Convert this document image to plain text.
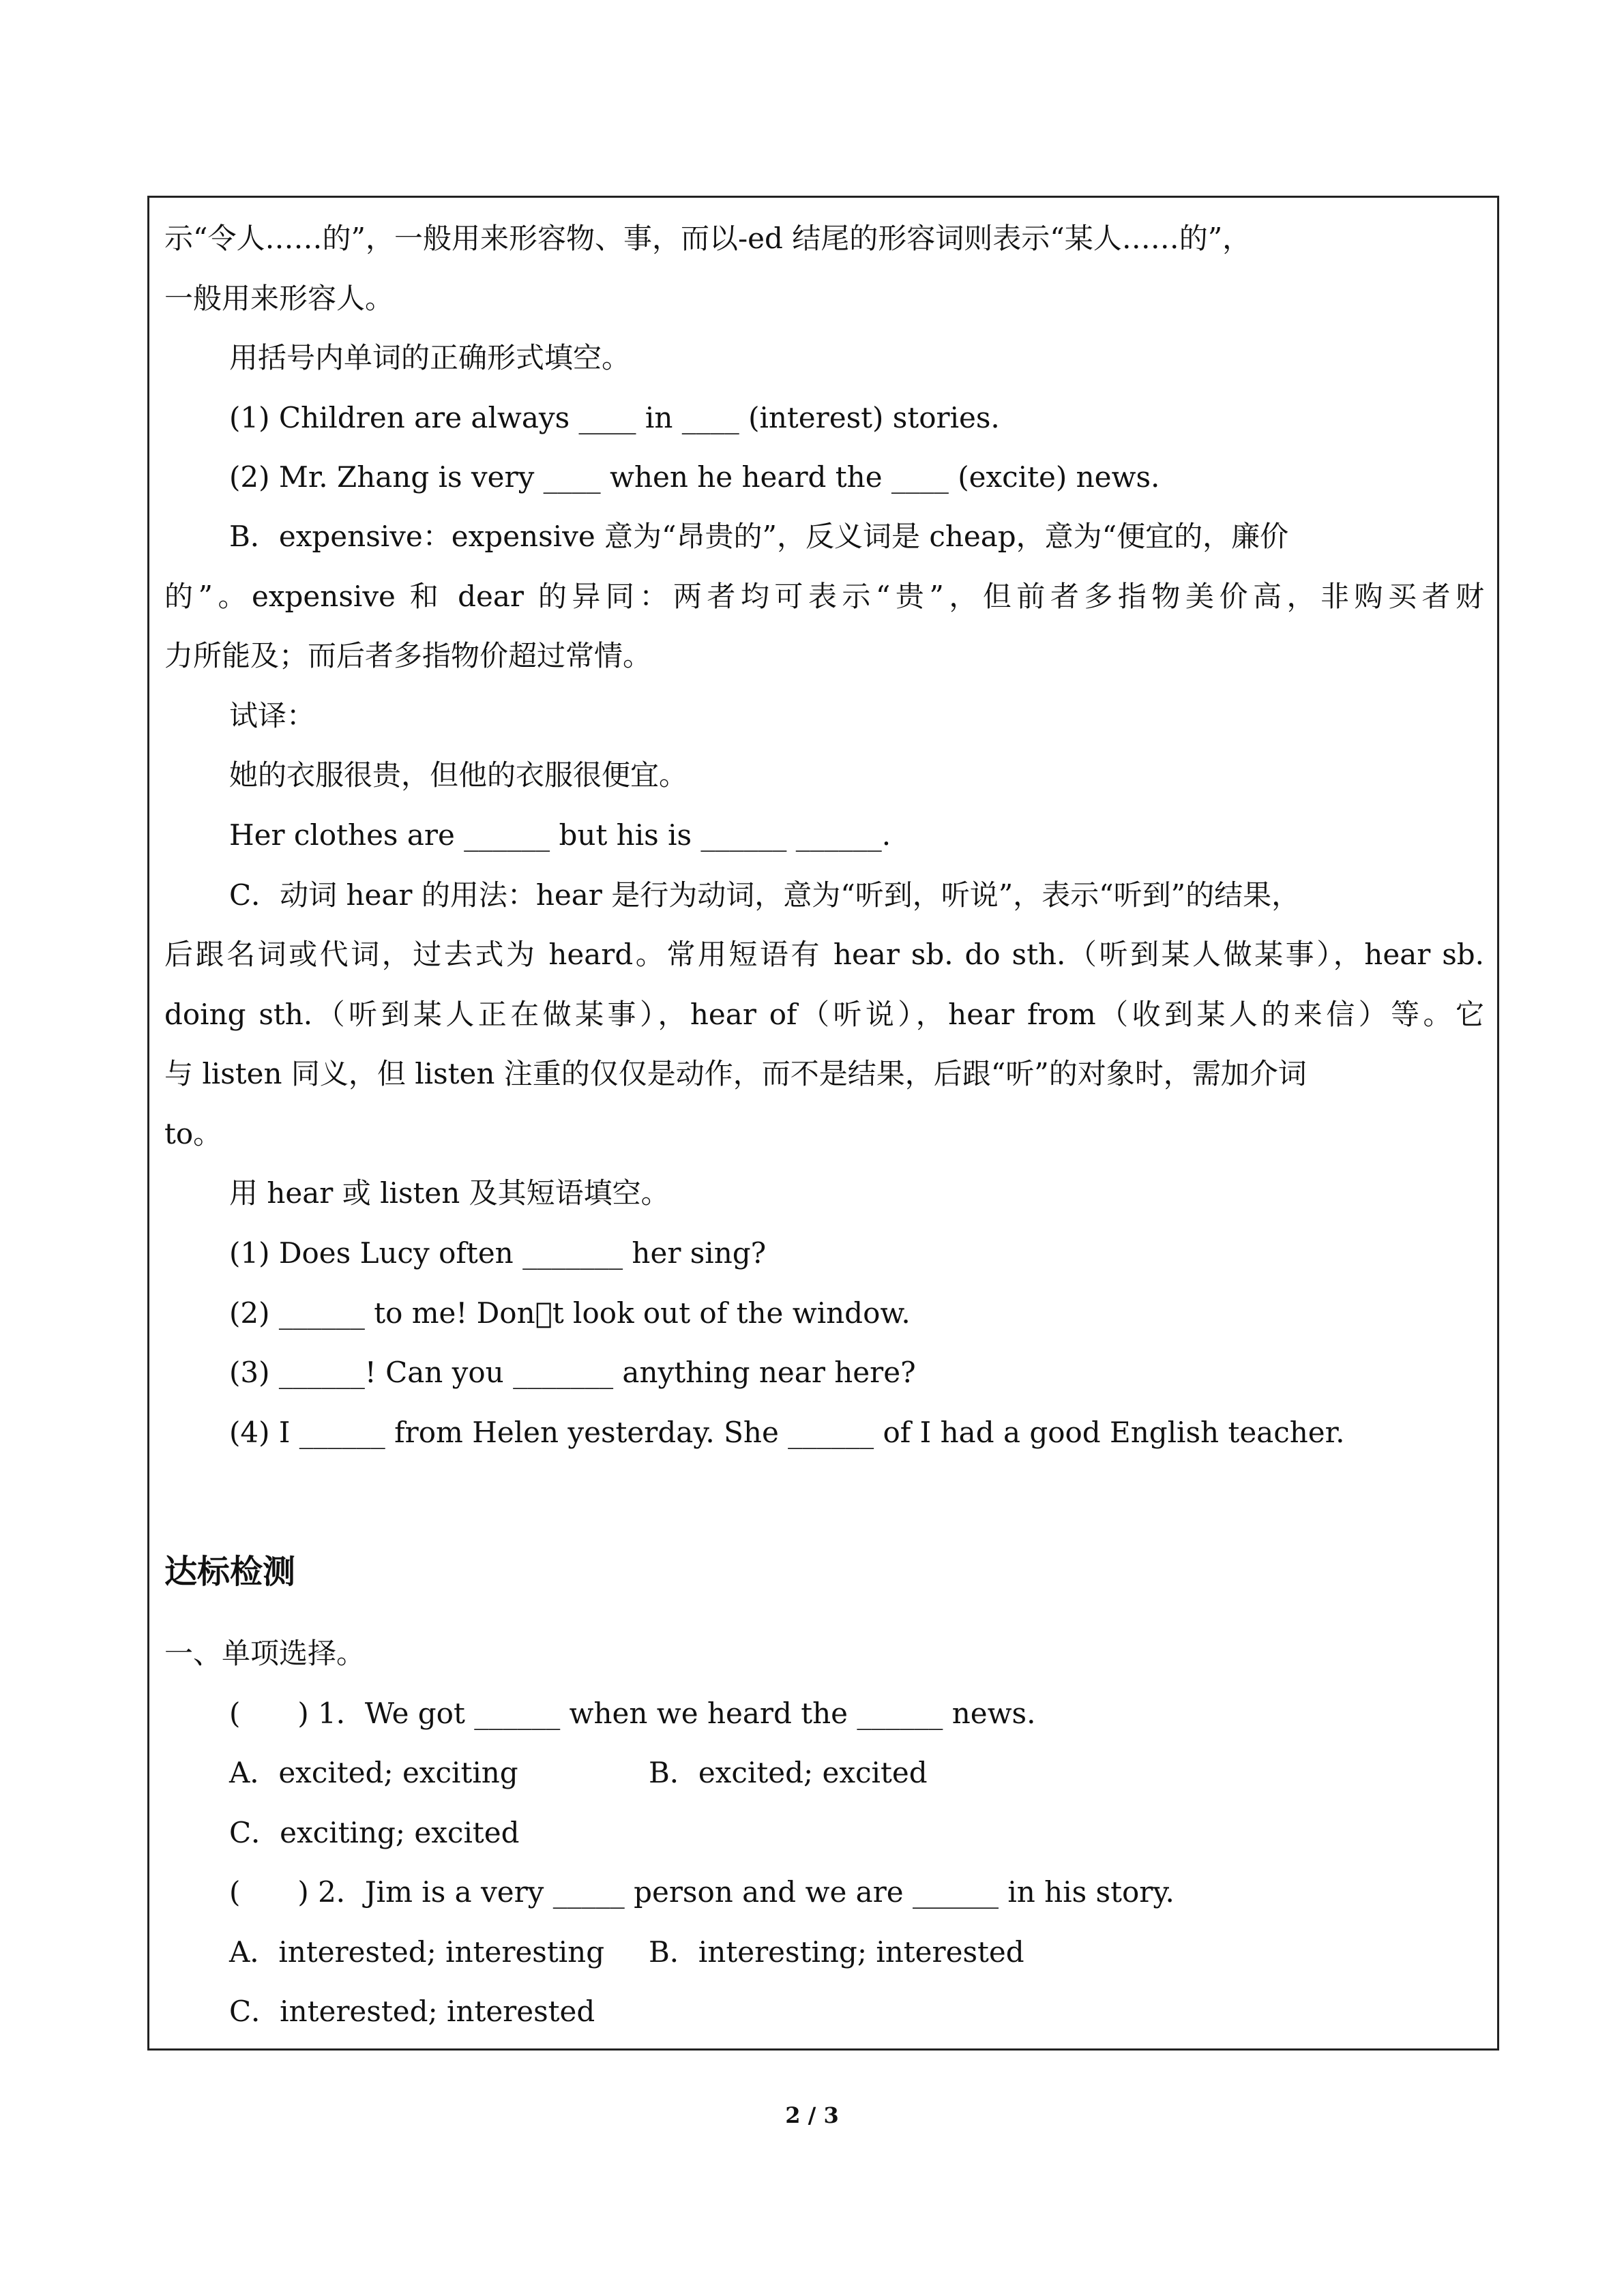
示“令人……的”，一般用来形容物、事，而以-ed 结尾的形容词则表示“某人……的”，
一般用来形容人。
用括号内单词的正确形式填空。
(1) Children are always ____ in ____ (interest) stories.
(2) Mr. Zhang is very ____ when he heard the ____ (excite) news.
B．expensive：expensive 意为“昂贵的”，反义词是 cheap，意为“便宜的，廉价
的”。expensive 和 dear 的异同：两者均可表示“贵”，但前者多指物美价高，非购买者财
力所能及；而后者多指物价超过常情。
试译：
她的衣服很贵，但他的衣服很便宜。
Her clothes are ______ but his is ______ ______.
C．动词 hear 的用法：hear 是行为动词，意为“听到，听说”，表示“听到”的结果，
后跟名词或代词，过去式为 heard。常用短语有 hear sb. do sth.（听到某人做某事），hear sb.
doing sth.（听到某人正在做某事），hear of（听说），hear from（收到某人的来信）等。它
与 listen 同义，但 listen 注重的仅仅是动作，而不是结果，后跟“听”的对象时，需加介词
to。
用 hear 或 listen 及其短语填空。
(1) Does Lucy often _______ her sing?
(2) ______ to me! Don t look out of the window.
(3) ______! Can you _______ anything near here?
(4) I ______ from Helen yesterday. She ______ of I had a good English teacher.
达标检测
一、单项选择。
(　　) 1．We got ______ when we heard the ______ news.
A．excited; exciting	B．excited; excited
C．exciting; excited
(　　) 2．Jim is a very _____ person and we are ______ in his story.
A．interested; interesting B．interesting; interested
C．interested; interested
2 / 3
